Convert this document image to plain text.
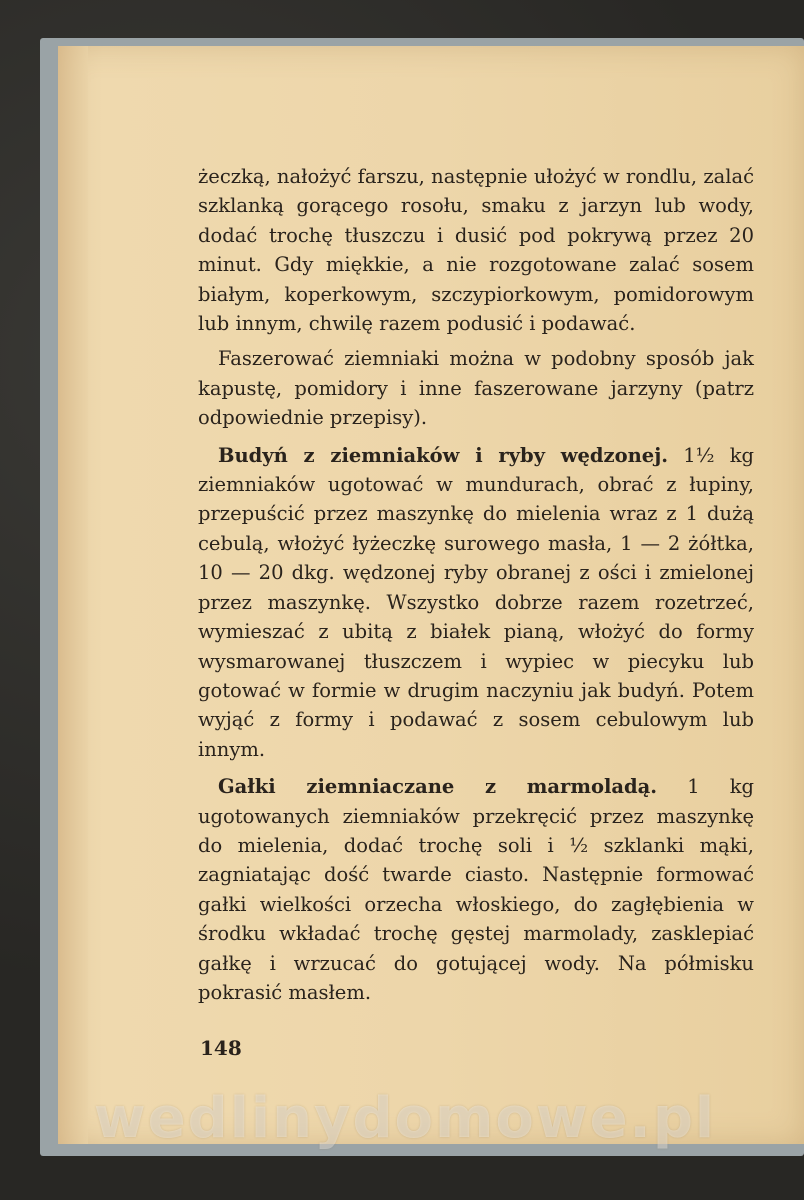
żeczką, nałożyć farszu, następnie ułożyć w rondlu, zalać szklanką gorącego rosołu, smaku z jarzyn lub wody, dodać trochę tłuszczu i dusić pod pokrywą przez 20 minut. Gdy miękkie, a nie rozgotowane zalać sosem białym, koperkowym, szczypiorkowym, pomidorowym lub innym, chwilę razem podusić i podawać.

Faszerować ziemniaki można w podobny sposób jak kapustę, pomidory i inne faszerowane jarzyny (patrz odpowiednie przepisy).

Budyń z ziemniaków i ryby wędzonej. 1½ kg ziemniaków ugotować w mundurach, obrać z łupiny, przepuścić przez maszynkę do mielenia wraz z 1 dużą cebulą, włożyć łyżeczkę surowego masła, 1 — 2 żółtka, 10 — 20 dkg. wędzonej ryby obranej z ości i zmielonej przez maszynkę. Wszystko dobrze razem rozetrzeć, wymieszać z ubitą z białek pianą, włożyć do formy wysmarowanej tłuszczem i wypiec w piecyku lub gotować w formie w drugim naczyniu jak budyń. Potem wyjąć z formy i podawać z sosem cebulowym lub innym.

Gałki ziemniaczane z marmoladą. 1 kg ugotowanych ziemniaków przekręcić przez maszynkę do mielenia, dodać trochę soli i ½ szklanki mąki, zagniatając dość twarde ciasto. Następnie formować gałki wielkości orzecha włoskiego, do zagłębienia w środku wkładać trochę gęstej marmolady, zasklepiać gałkę i wrzucać do gotującej wody. Na półmisku pokrasić masłem.

148
wedlinydomowe.pl
